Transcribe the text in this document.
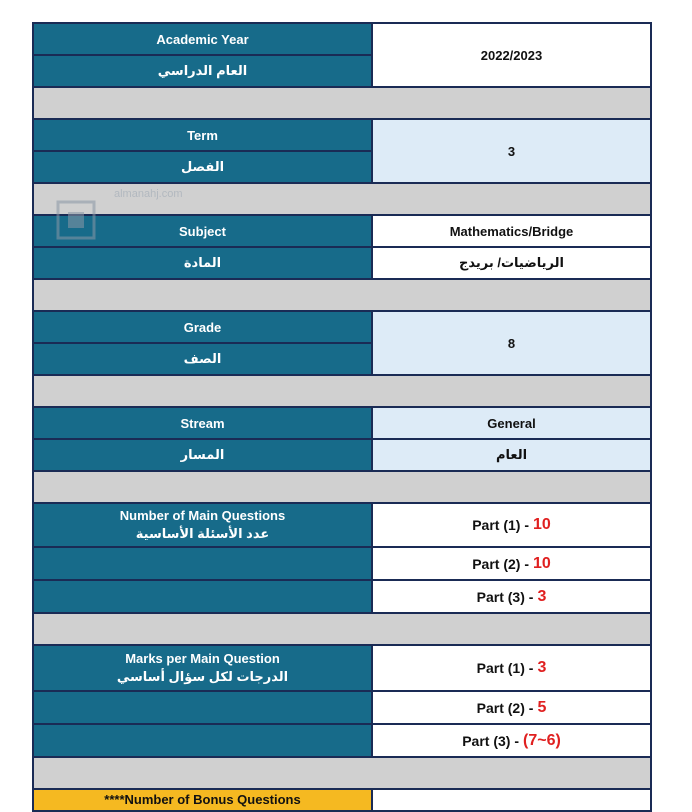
Academic Year
العام الدراسي
2022/2023
Term
الفصل
3
Subject
المادة
Mathematics/Bridge
الرياضيات/ بريدج
Grade
الصف
8
Stream
المسار
General
العام
Number of Main Questions
عدد الأسئلة الأساسية
Part (1) - 10
Part (2) - 10
Part (3) - 3
Marks per Main Question
الدرجات لكل سؤال أساسي
Part (1) - 3
Part (2) - 5
Part (3) - (7~6)
****Number of Bonus Questions
almanahj.com
